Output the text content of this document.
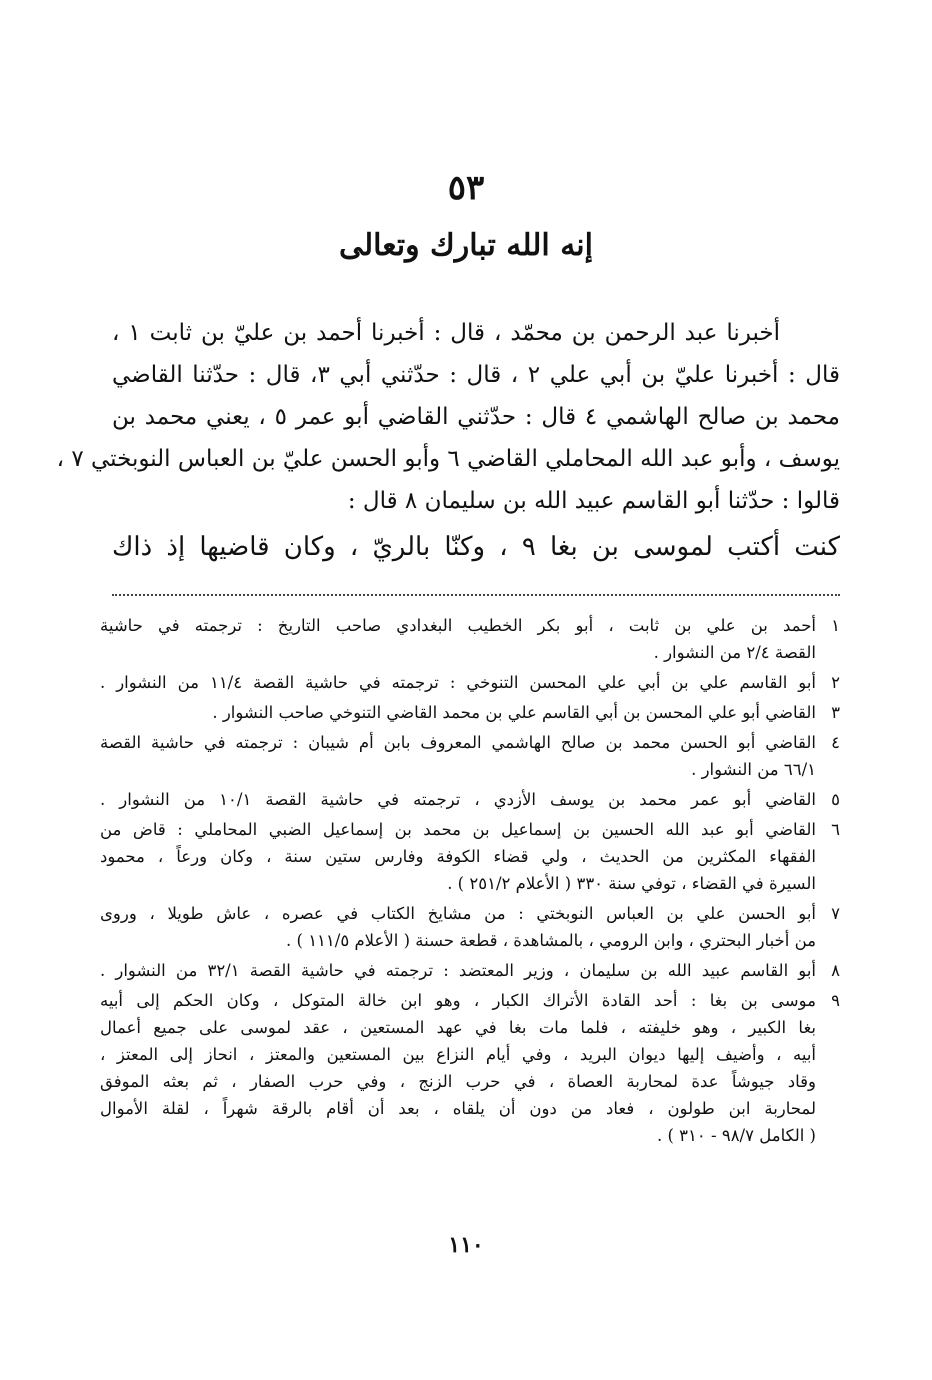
٥٣
إنه الله تبارك وتعالى
أخبرنا عبد الرحمن بن محمّد ، قال : أخبرنا أحمد بن عليّ بن ثابت ١ ،
قال : أخبرنا عليّ بن أبي علي ٢ ، قال : حدّثني أبي ٣، قال : حدّثنا القاضي
محمد بن صالح الهاشمي ٤ قال : حدّثني القاضي أبو عمر ٥ ، يعني محمد بن
يوسف ، وأبو عبد الله المحاملي القاضي ٦ وأبو الحسن عليّ بن العباس النوبختي ٧ ،
قالوا : حدّثنا أبو القاسم عبيد الله بن سليمان ٨ قال :
كنت أكتب لموسى بن بغا ٩ ، وكنّا بالريّ ، وكان قاضيها إذ ذاك
١
أحمد بن علي بن ثابت ، أبو بكر الخطيب البغدادي صاحب التاريخ : ترجمته في حاشية
القصة ٢/٤ من النشوار .
٢
أبو القاسم علي بن أبي علي المحسن التنوخي : ترجمته في حاشية القصة ١١/٤ من النشوار .
٣
القاضي أبو علي المحسن بن أبي القاسم علي بن محمد القاضي التنوخي صاحب النشوار .
٤
القاضي أبو الحسن محمد بن صالح الهاشمي المعروف بابن أم شيبان : ترجمته في حاشية القصة
٦٦/١ من النشوار .
٥
القاضي أبو عمر محمد بن يوسف الأزدي ، ترجمته في حاشية القصة ١٠/١ من النشوار .
٦
القاضي أبو عبد الله الحسين بن إسماعيل بن محمد بن إسماعيل الضبي المحاملي : قاض من
الفقهاء المكثرين من الحديث ، ولي قضاء الكوفة وفارس ستين سنة ، وكان ورعاً ، محمود
السيرة في القضاء ، توفي سنة ٣٣٠ ( الأعلام ٢٥١/٢ ) .
٧
أبو الحسن علي بن العباس النوبختي : من مشايخ الكتاب في عصره ، عاش طويلا ، وروى
من أخبار البحتري ، وابن الرومي ، بالمشاهدة ، قطعة حسنة ( الأعلام ١١١/٥ ) .
٨
أبو القاسم عبيد الله بن سليمان ، وزير المعتضد : ترجمته في حاشية القصة ٣٢/١ من النشوار .
٩
موسى بن بغا : أحد القادة الأتراك الكبار ، وهو ابن خالة المتوكل ، وكان الحكم إلى أبيه
بغا الكبير ، وهو خليفته ، فلما مات بغا في عهد المستعين ، عقد لموسى على جميع أعمال
أبيه ، وأضيف إليها ديوان البريد ، وفي أيام النزاع بين المستعين والمعتز ، انحاز إلى المعتز ،
وقاد جيوشاً عدة لمحاربة العصاة ، في حرب الزنج ، وفي حرب الصفار ، ثم بعثه الموفق
لمحاربة ابن طولون ، فعاد من دون أن يلقاه ، بعد أن أقام بالرقة شهراً ، لقلة الأموال
( الكامل ٩٨/٧ - ٣١٠ ) .
١١٠
